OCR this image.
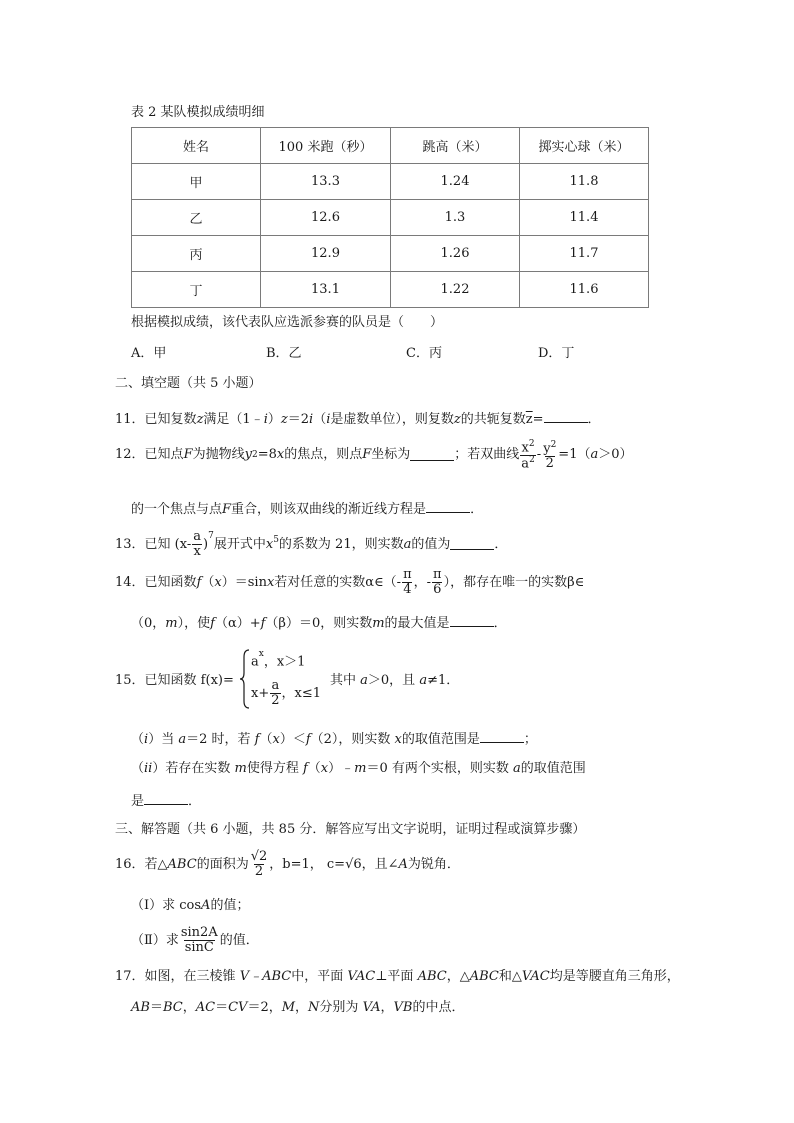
表 2 某队模拟成绩明细
姓名	100 米跑（秒）	跳高（米）	掷实心球（米）
甲	13.3	1.24	11.8
乙	12.6	1.3	11.4
丙	12.9	1.26	11.7
丁	13.1	1.22	11.6
根据模拟成绩，该代表队应选派参赛的队员是（　　）
A．甲	B．乙	C．丙	D．丁
二、填空题（共 5 小题）
11．已知复数z满足（1﹣i）z＝2i（i是虚数单位），则复数z的共轭复数$\overline{z}=$	．
12． 已知点 F 为抛物线 y 2 =8 x 的焦点，则点 F 坐标为	；若双曲线 $\frac{x^2}{a^2} - \frac{y^2}{2} =1$（ a ＞0）
的一个焦点与点F重合，则该双曲线的渐近线方程是	．
13． 已知 ($x- \frac{a}{x}$ )
$^7$
展开式中 $x^5$ 的系数为 21，则实数 a 的值为	．
14． 已知函数 f （ x ）＝sin x 若对任意的实数α∈（- $\frac{\pi}{4}$ ，- $\frac{\pi}{6}$ ），都存在唯一的实数β∈
（0，m），使f（α）+f（β）＝0，则实数m的最大值是	．
15．已知函数 f(x)=
$a^x$，x＞1
$x+ \frac{a}{2}$ ，x≤1
其中 a＞0，且 a≠1．
（i）当 a＝2 时，若 f（x）＜f（2），则实数 x的取值范围是	；
（ii）若存在实数 m使得方程 f（x）﹣m＝0 有两个实根，则实数 a的取值范围
是	．
三、解答题（共 6 小题，共 85 分．解答应写出文字说明，证明过程或演算步骤）
16． 若△ ABC 的面积为 $\frac{√2}{2}$ ，b=1， c= √6 ，且∠ A 为锐角．
（Ⅰ）求 cosA的值；
（Ⅱ）求 $\frac{\sin 2A}{\sin C}$ 的值．
17．如图，在三棱锥 V﹣ABC中，平面 VAC⊥平面 ABC，△ABC和△VAC均是等腰直角三角形，
AB＝BC，AC＝CV＝2，M，N分别为 VA，VB的中点．
